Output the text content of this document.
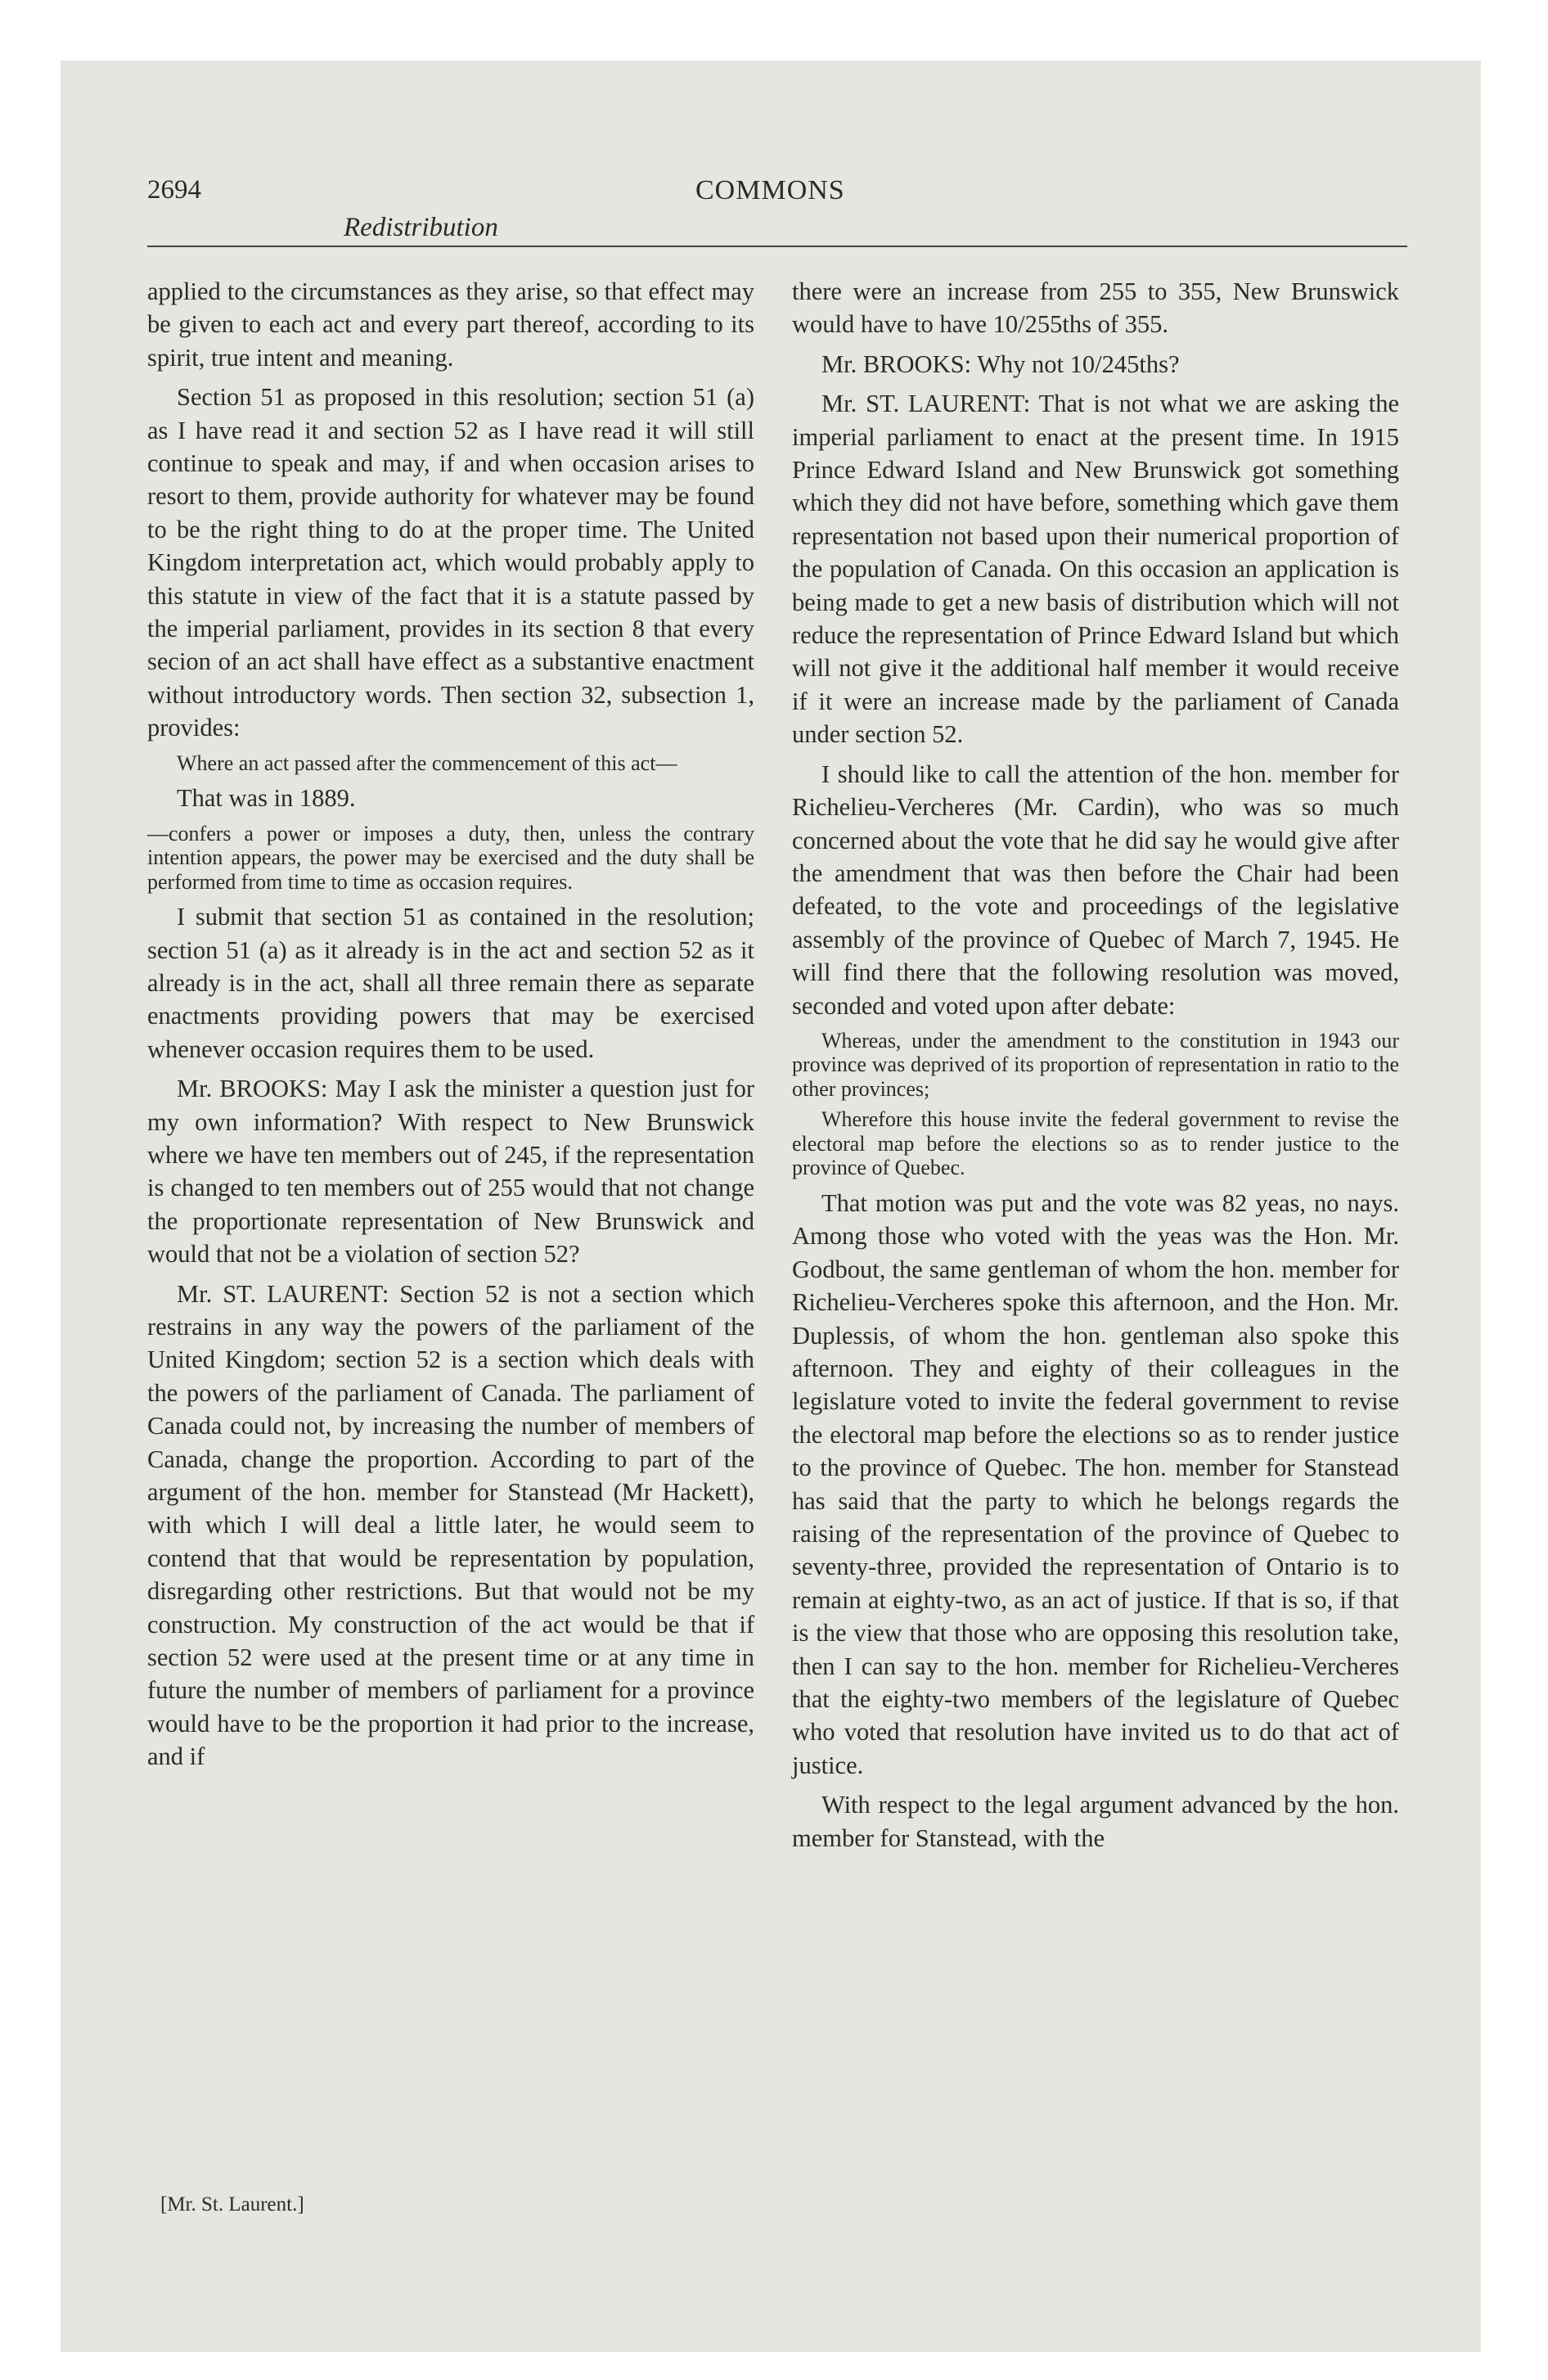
2694
Redistribution
COMMONS

applied to the circumstances as they arise, so that effect may be given to each act and every part thereof, according to its spirit, true intent and meaning.

Section 51 as proposed in this resolution; section 51 (a) as I have read it and section 52 as I have read it will still continue to speak and may, if and when occasion arises to resort to them, provide authority for whatever may be found to be the right thing to do at the proper time. The United Kingdom interpretation act, which would probably apply to this statute in view of the fact that it is a statute passed by the imperial parliament, provides in its section 8 that every secion of an act shall have effect as a substantive enactment without introductory words. Then section 32, subsection 1, provides:

Where an act passed after the commencement of this act—

That was in 1889.

—confers a power or imposes a duty, then, unless the contrary intention appears, the power may be exercised and the duty shall be performed from time to time as occasion requires.

I submit that section 51 as contained in the resolution; section 51 (a) as it already is in the act and section 52 as it already is in the act, shall all three remain there as separate enactments providing powers that may be exercised whenever occasion requires them to be used.

Mr. BROOKS: May I ask the minister a question just for my own information? With respect to New Brunswick where we have ten members out of 245, if the representation is changed to ten members out of 255 would that not change the proportionate representation of New Brunswick and would that not be a violation of section 52?

Mr. ST. LAURENT: Section 52 is not a section which restrains in any way the powers of the parliament of the United Kingdom; section 52 is a section which deals with the powers of the parliament of Canada. The parliament of Canada could not, by increasing the number of members of Canada, change the proportion. According to part of the argument of the hon. member for Stanstead (Mr Hackett), with which I will deal a little later, he would seem to contend that that would be representation by population, disregarding other restrictions. But that would not be my construction. My construction of the act would be that if section 52 were used at the present time or at any time in future the number of members of parliament for a province would have to be the proportion it had prior to the increase, and if

there were an increase from 255 to 355, New Brunswick would have to have 10/255ths of 355.

Mr. BROOKS: Why not 10/245ths?

Mr. ST. LAURENT: That is not what we are asking the imperial parliament to enact at the present time. In 1915 Prince Edward Island and New Brunswick got something which they did not have before, something which gave them representation not based upon their numerical proportion of the population of Canada. On this occasion an application is being made to get a new basis of distribution which will not reduce the representation of Prince Edward Island but which will not give it the additional half member it would receive if it were an increase made by the parliament of Canada under section 52.

I should like to call the attention of the hon. member for Richelieu-Vercheres (Mr. Cardin), who was so much concerned about the vote that he did say he would give after the amendment that was then before the Chair had been defeated, to the vote and proceedings of the legislative assembly of the province of Quebec of March 7, 1945. He will find there that the following resolution was moved, seconded and voted upon after debate:

Whereas, under the amendment to the constitution in 1943 our province was deprived of its proportion of representation in ratio to the other provinces;

Wherefore this house invite the federal government to revise the electoral map before the elections so as to render justice to the province of Quebec.

That motion was put and the vote was 82 yeas, no nays. Among those who voted with the yeas was the Hon. Mr. Godbout, the same gentleman of whom the hon. member for Richelieu-Vercheres spoke this afternoon, and the Hon. Mr. Duplessis, of whom the hon. gentleman also spoke this afternoon. They and eighty of their colleagues in the legislature voted to invite the federal government to revise the electoral map before the elections so as to render justice to the province of Quebec. The hon. member for Stanstead has said that the party to which he belongs regards the raising of the representation of the province of Quebec to seventy-three, provided the representation of Ontario is to remain at eighty-two, as an act of justice. If that is so, if that is the view that those who are opposing this resolution take, then I can say to the hon. member for Richelieu-Vercheres that the eighty-two members of the legislature of Quebec who voted that resolution have invited us to do that act of justice.

With respect to the legal argument advanced by the hon. member for Stanstead, with the

[Mr. St. Laurent.]
